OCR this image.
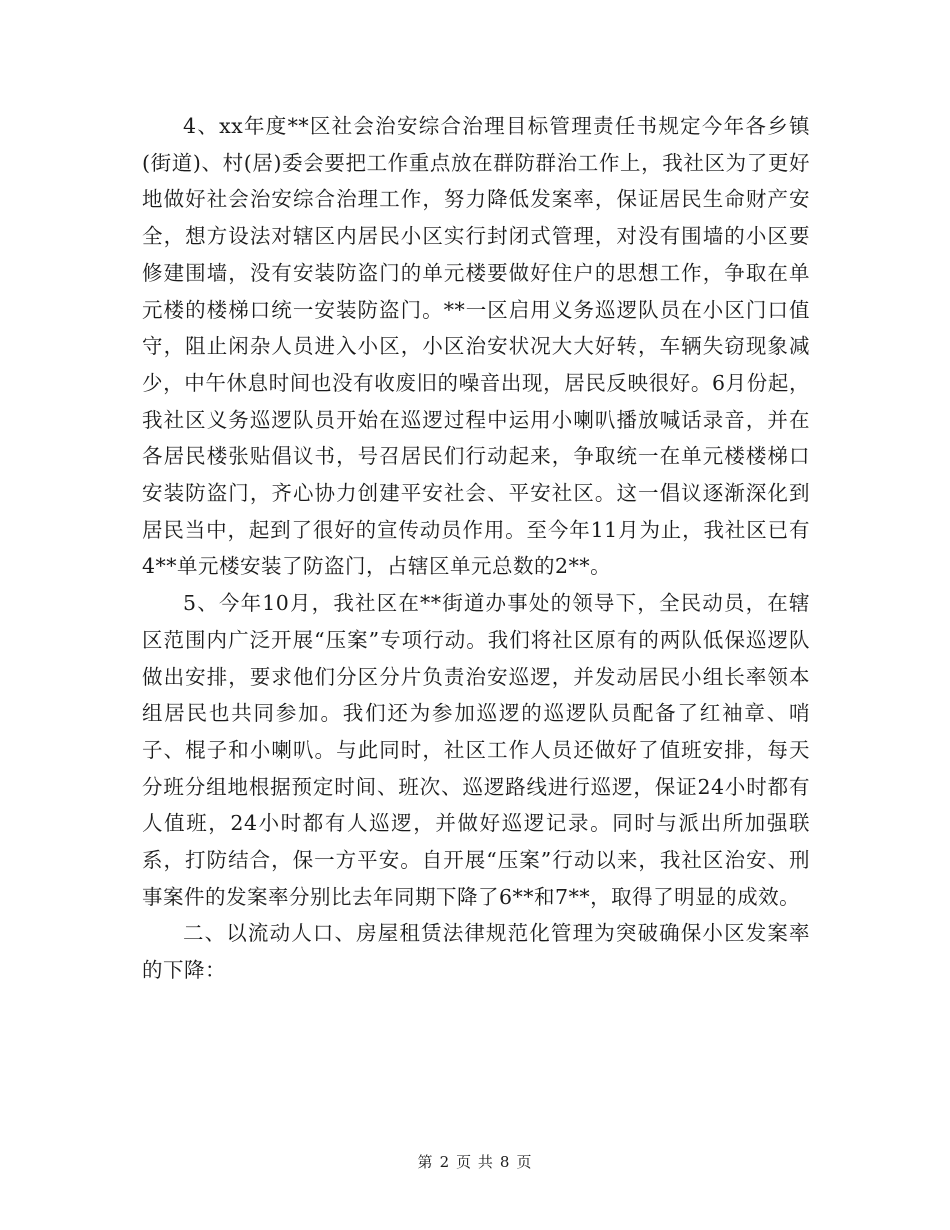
4、xx年度**区社会治安综合治理目标管理责任书规定今年各乡镇(街道)、村(居)委会要把工作重点放在群防群治工作上，我社区为了更好地做好社会治安综合治理工作，努力降低发案率，保证居民生命财产安全，想方设法对辖区内居民小区实行封闭式管理，对没有围墙的小区要修建围墙，没有安装防盗门的单元楼要做好住户的思想工作，争取在单元楼的楼梯口统一安装防盗门。**一区启用义务巡逻队员在小区门口值守，阻止闲杂人员进入小区，小区治安状况大大好转，车辆失窃现象减少，中午休息时间也没有收废旧的噪音出现，居民反映很好。6月份起，我社区义务巡逻队员开始在巡逻过程中运用小喇叭播放喊话录音，并在各居民楼张贴倡议书，号召居民们行动起来，争取统一在单元楼楼梯口安装防盗门，齐心协力创建平安社会、平安社区。这一倡议逐渐深化到居民当中，起到了很好的宣传动员作用。至今年11月为止，我社区已有4**单元楼安装了防盗门，占辖区单元总数的2**。

5、今年10月，我社区在**街道办事处的领导下，全民动员，在辖区范围内广泛开展“压案”专项行动。我们将社区原有的两队低保巡逻队做出安排，要求他们分区分片负责治安巡逻，并发动居民小组长率领本组居民也共同参加。我们还为参加巡逻的巡逻队员配备了红袖章、哨子、棍子和小喇叭。与此同时，社区工作人员还做好了值班安排，每天分班分组地根据预定时间、班次、巡逻路线进行巡逻，保证24小时都有人值班，24小时都有人巡逻，并做好巡逻记录。同时与派出所加强联系，打防结合，保一方平安。自开展“压案”行动以来，我社区治安、刑事案件的发案率分别比去年同期下降了6**和7**，取得了明显的成效。

二、以流动人口、房屋租赁法律规范化管理为突破确保小区发案率的下降：

第 2 页 共 8 页
